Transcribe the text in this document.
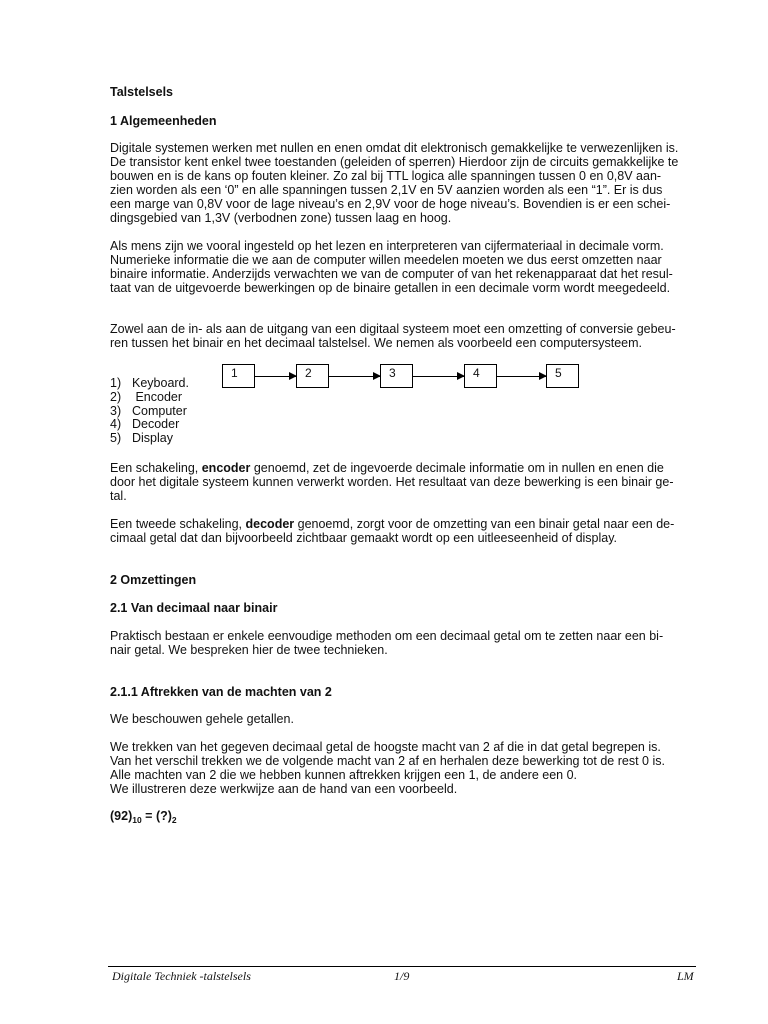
Talstelsels
1 Algemeenheden
Digitale systemen werken met nullen en enen omdat dit elektronisch gemakkelijke te verwezenlijken is.
De transistor kent enkel twee toestanden (geleiden of sperren) Hierdoor zijn de circuits gemakkelijke te
bouwen en is de kans op fouten kleiner. Zo zal bij TTL logica alle spanningen tussen 0 en 0,8V aan-
zien worden als een ‘0” en alle spanningen tussen 2,1V en 5V aanzien worden als een “1”. Er is dus
een marge van 0,8V voor de lage niveau’s en 2,9V voor de hoge niveau’s. Bovendien is er een schei-
dingsgebied van 1,3V (verbodnen zone) tussen laag en hoog.
Als mens zijn we vooral ingesteld op het lezen en interpreteren van cijfermateriaal in decimale vorm.
Numerieke informatie die we aan de computer willen meedelen moeten we dus eerst omzetten naar
binaire informatie. Anderzijds verwachten we van de computer of van het rekenapparaat dat het resul-
taat van de uitgevoerde bewerkingen op de binaire getallen in een decimale vorm wordt meegedeeld.
Zowel aan de in- als aan de uitgang van een digitaal systeem moet een omzetting of conversie gebeu-
ren tussen het binair en het decimaal talstelsel. We nemen als voorbeeld een computersysteem.
1	2	3	4	5
1) Keyboard.
2) Encoder
3) Computer
4) Decoder
5) Display
Een schakeling, encoder genoemd, zet de ingevoerde decimale informatie om in nullen en enen die
door het digitale systeem kunnen verwerkt worden. Het resultaat van deze bewerking is een binair ge-
tal.
Een tweede schakeling, decoder genoemd, zorgt voor de omzetting van een binair getal naar een de-
cimaal getal dat dan bijvoorbeeld zichtbaar gemaakt wordt op een uitleeseenheid of display.
2 Omzettingen
2.1 Van decimaal naar binair
Praktisch bestaan er enkele eenvoudige methoden om een decimaal getal om te zetten naar een bi-
nair getal. We bespreken hier de twee technieken.
2.1.1 Aftrekken van de machten van 2
We beschouwen gehele getallen.
We trekken van het gegeven decimaal getal de hoogste macht van 2 af die in dat getal begrepen is.
Van het verschil trekken we de volgende macht van 2 af en herhalen deze bewerking tot de rest 0 is.
Alle machten van 2 die we hebben kunnen aftrekken krijgen een 1, de andere een 0.
We illustreren deze werkwijze aan de hand van een voorbeeld.
$(92)_{10}$ = $(?)_2$
Digitale Techniek -talstelsels	1/9	LM
